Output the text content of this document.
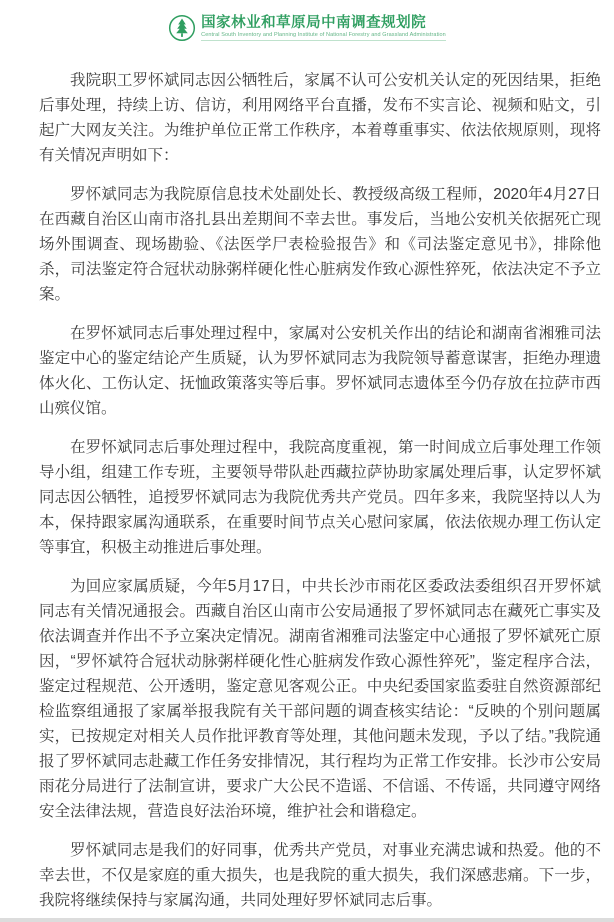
国家林业和草原局中南调查规划院
Central South Inventory and Planning Institute of National Forestry and Grassland Administration

我院职工罗怀斌同志因公牺牲后，家属不认可公安机关认定的死因结果，拒绝后事处理，持续上访、信访，利用网络平台直播，发布不实言论、视频和贴文，引起广大网友关注。为维护单位正常工作秩序，本着尊重事实、依法依规原则，现将有关情况声明如下：

罗怀斌同志为我院原信息技术处副处长、教授级高级工程师，2020年4月27日在西藏自治区山南市洛扎县出差期间不幸去世。事发后，当地公安机关依据死亡现场外围调查、现场勘验、《法医学尸表检验报告》和《司法鉴定意见书》，排除他杀，司法鉴定符合冠状动脉粥样硬化性心脏病发作致心源性猝死，依法决定不予立案。

在罗怀斌同志后事处理过程中，家属对公安机关作出的结论和湖南省湘雅司法鉴定中心的鉴定结论产生质疑，认为罗怀斌同志为我院领导蓄意谋害，拒绝办理遗体火化、工伤认定、抚恤政策落实等后事。罗怀斌同志遗体至今仍存放在拉萨市西山殡仪馆。

在罗怀斌同志后事处理过程中，我院高度重视，第一时间成立后事处理工作领导小组，组建工作专班，主要领导带队赴西藏拉萨协助家属处理后事，认定罗怀斌同志因公牺牲，追授罗怀斌同志为我院优秀共产党员。四年多来，我院坚持以人为本，保持跟家属沟通联系，在重要时间节点关心慰问家属，依法依规办理工伤认定等事宜，积极主动推进后事处理。

为回应家属质疑，今年5月17日，中共长沙市雨花区委政法委组织召开罗怀斌同志有关情况通报会。西藏自治区山南市公安局通报了罗怀斌同志在藏死亡事实及依法调查并作出不予立案决定情况。湖南省湘雅司法鉴定中心通报了罗怀斌死亡原因，“罗怀斌符合冠状动脉粥样硬化性心脏病发作致心源性猝死”，鉴定程序合法，鉴定过程规范、公开透明，鉴定意见客观公正。中央纪委国家监委驻自然资源部纪检监察组通报了家属举报我院有关干部问题的调查核实结论：“反映的个别问题属实，已按规定对相关人员作批评教育等处理，其他问题未发现，予以了结。”我院通报了罗怀斌同志赴藏工作任务安排情况，其行程均为正常工作安排。长沙市公安局雨花分局进行了法制宣讲，要求广大公民不造谣、不信谣、不传谣，共同遵守网络安全法律法规，营造良好法治环境，维护社会和谐稳定。

罗怀斌同志是我们的好同事，优秀共产党员，对事业充满忠诚和热爱。他的不幸去世，不仅是家庭的重大损失，也是我院的重大损失，我们深感悲痛。下一步，我院将继续保持与家属沟通，共同处理好罗怀斌同志后事。
